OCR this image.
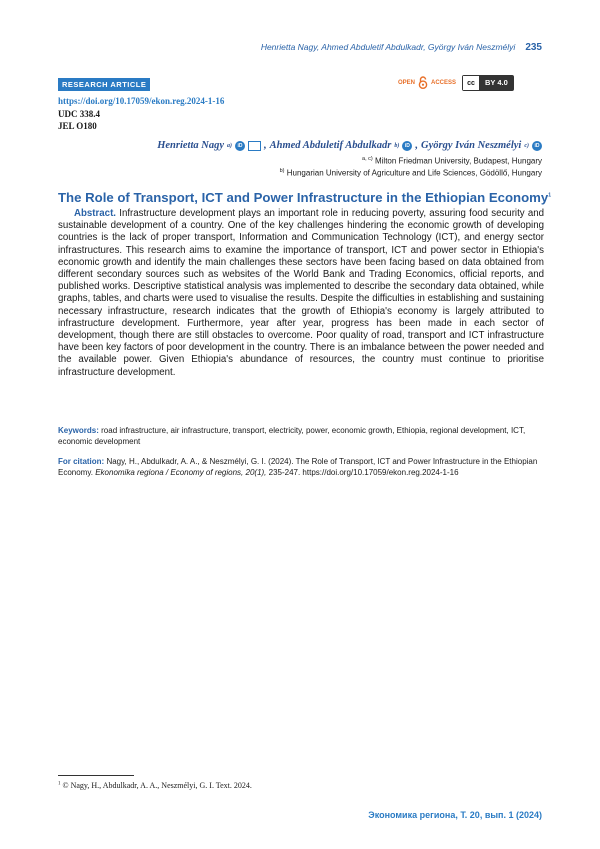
Henrietta Nagy, Ahmed Abduletif Abdulkadr, György Iván Neszmélyi 235
RESEARCH ARTICLE	OPEN	ACCESS	cc	BY 4.0
https://doi.org/10.17059/ekon.reg.2024-1-16
UDC 338.4
JEL O180
Henrietta Nagy a)	iD , Ahmed Abduletif Abdulkadr b)	iD , György Iván Neszmélyi c)	iD
$^{a, c)}$ Milton Friedman University, Budapest, Hungary
$^{b)}$ Hungarian University of Agriculture and Life Sciences, Gödöllő, Hungary
The Role of Transport, ICT and Power Infrastructure in the Ethiopian Economy$^1$
Abstract. Infrastructure development plays an important role in reducing poverty, assuring food security and sustainable development of a country. One of the key challenges hindering the economic growth of developing countries is the lack of proper transport, Information and Communication Technology (ICT), and energy sector infrastructures. This research aims to examine the importance of transport, ICT and power sector in Ethiopia's economic growth and identify the main challenges these sectors have been facing based on data obtained from different secondary sources such as websites of the World Bank and Trading Economics, official reports, and published works. Descriptive statistical analysis was implemented to describe the secondary data obtained, while graphs, tables, and charts were used to visualise the results. Despite the difficulties in establishing and sustaining necessary infrastructure, research indicates that the growth of Ethiopia's economy is largely attributed to infrastructure development. Furthermore, year after year, progress has been made in each sector of development, though there are still obstacles to overcome. Poor quality of road, transport and ICT infrastructure have been key factors of poor development in the country. There is an imbalance between the power needed and the available power. Given Ethiopia's abundance of resources, the country must continue to prioritise infrastructure development.
Keywords: road infrastructure, air infrastructure, transport, electricity, power, economic growth, Ethiopia, regional development, ICT, economic development
For citation: Nagy, H., Abdulkadr, A. A., & Neszmélyi, G. I. (2024). The Role of Transport, ICT and Power Infrastructure in the Ethiopian Economy. Ekonomika regiona / Economy of regions, 20(1), 235-247. https://doi.org/10.17059/ekon.reg.2024-1-16
$^1$ © Nagy, H., Abdulkadr, A. A., Neszmélyi, G. I. Text. 2024.
Экономика региона, Т. 20, вып. 1 (2024)
